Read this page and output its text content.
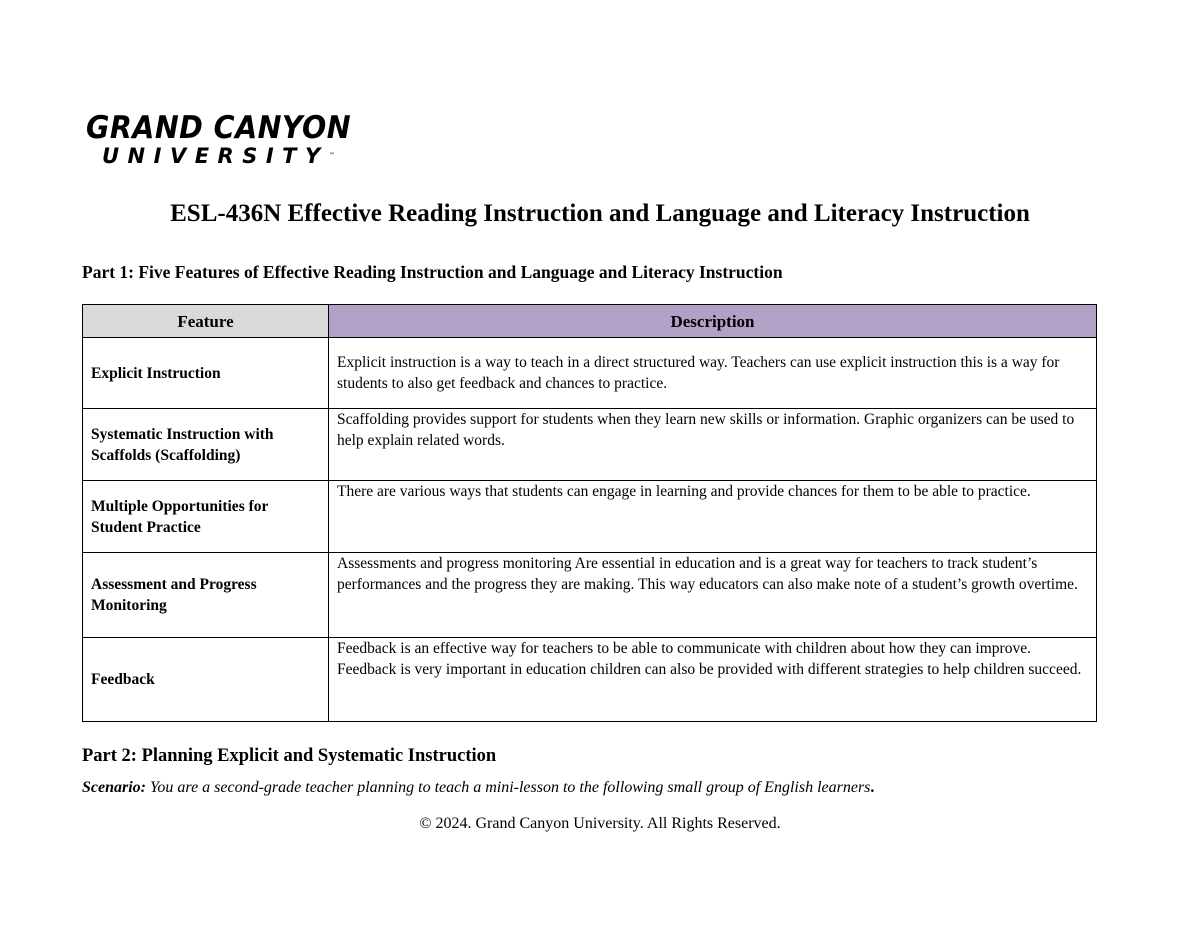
GRAND CANYON
UNIVERSITY™
ESL-436N Effective Reading Instruction and Language and Literacy Instruction
Part 1: Five Features of Effective Reading Instruction and Language and Literacy Instruction
Feature	Description
Explicit Instruction	Explicit instruction is a way to teach in a direct structured way. Teachers can use explicit instruction this is a way for students to also get feedback and chances to practice.
Systematic Instruction with Scaffolds (Scaffolding)	Scaffolding provides support for students when they learn new skills or information. Graphic organizers can be used to help explain related words.
Multiple Opportunities for Student Practice	There are various ways that students can engage in learning and provide chances for them to be able to practice.
Assessment and Progress Monitoring	Assessments and progress monitoring Are essential in education and is a great way for teachers to track student’s performances and the progress they are making. This way educators can also make note of a student’s growth overtime.
Feedback	Feedback is an effective way for teachers to be able to communicate with children about how they can improve. Feedback is very important in education children can also be provided with different strategies to help children succeed.
Part 2: Planning Explicit and Systematic Instruction
Scenario: You are a second-grade teacher planning to teach a mini-lesson to the following small group of English learners.
© 2024. Grand Canyon University. All Rights Reserved.
